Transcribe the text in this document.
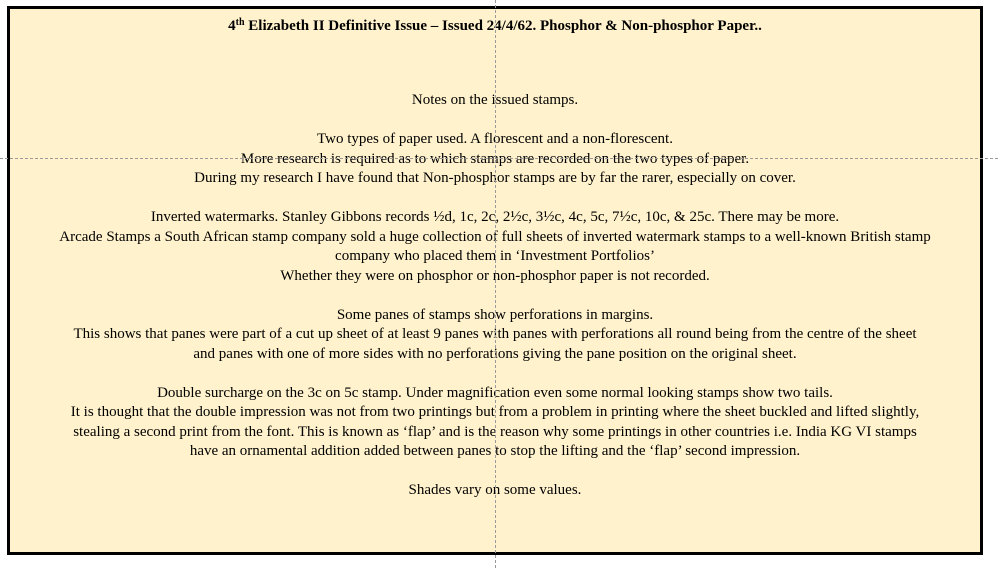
4th Elizabeth II Definitive Issue – Issued 24/4/62. Phosphor & Non-phosphor Paper..
Notes on the issued stamps.
Two types of paper used. A florescent and a non-florescent.
More research is required as to which stamps are recorded on the two types of paper.
During my research I have found that Non-phosphor stamps are by far the rarer, especially on cover.
Inverted watermarks. Stanley Gibbons records ½d, 1c, 2c, 2½c, 3½c, 4c, 5c, 7½c, 10c, & 25c. There may be more.
Arcade Stamps a South African stamp company sold a huge collection of full sheets of inverted watermark stamps to a well-known British stamp
company who placed them in ‘Investment Portfolios’
Whether they were on phosphor or non-phosphor paper is not recorded.
Some panes of stamps show perforations in margins.
This shows that panes were part of a cut up sheet of at least 9 panes with panes with perforations all round being from the centre of the sheet
and panes with one of more sides with no perforations giving the pane position on the original sheet.
Double surcharge on the 3c on 5c stamp. Under magnification even some normal looking stamps show two tails.
It is thought that the double impression was not from two printings but from a problem in printing where the sheet buckled and lifted slightly,
stealing a second print from the font. This is known as ‘flap’ and is the reason why some printings in other countries i.e. India KG VI stamps
have an ornamental addition added between panes to stop the lifting and the ‘flap’ second impression.
Shades vary on some values.
